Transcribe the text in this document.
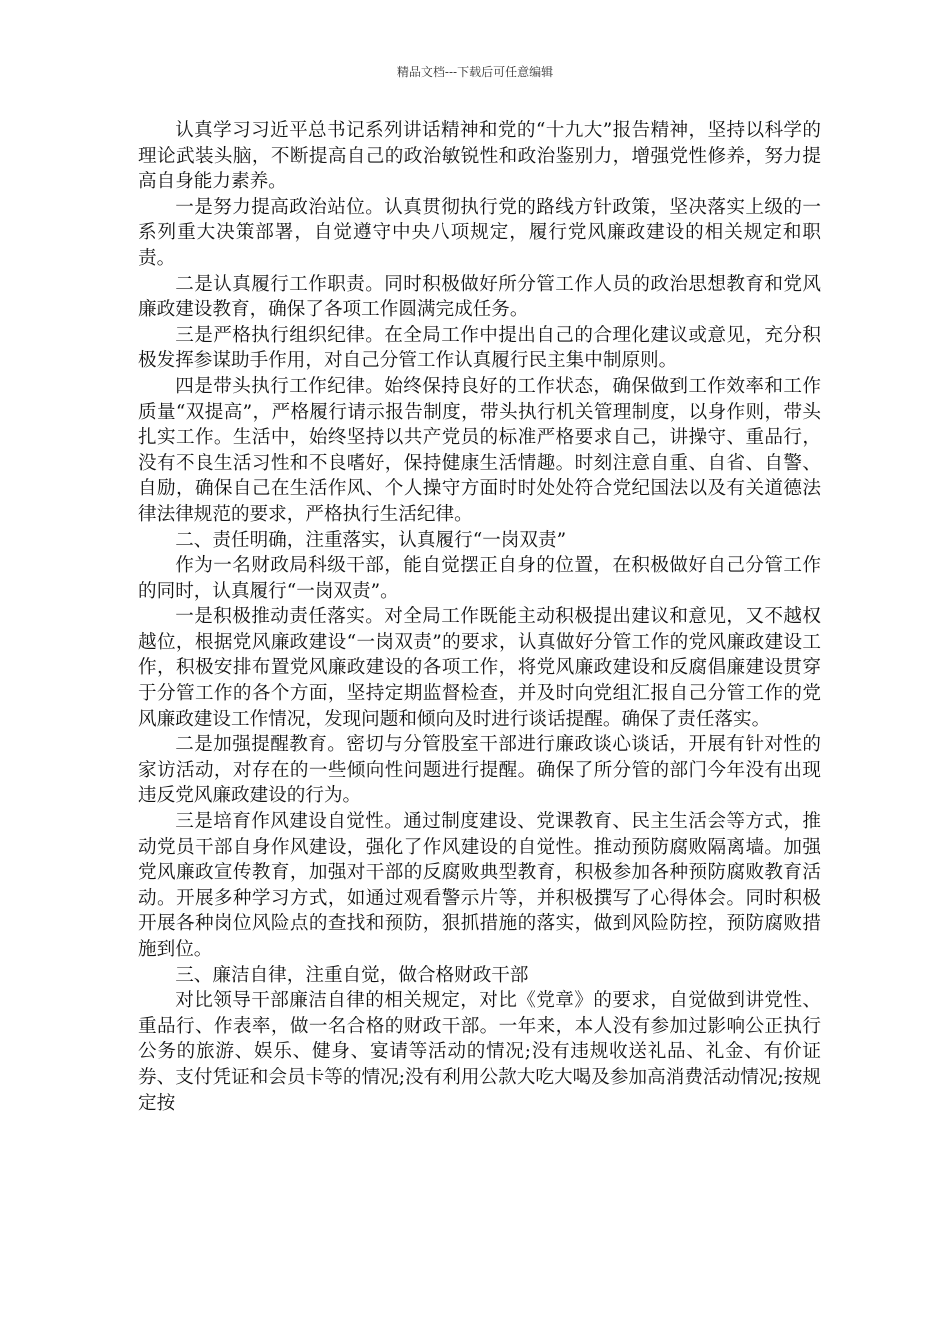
精品文档---下载后可任意编辑

认真学习习近平总书记系列讲话精神和党的“十九大”报告精神，坚持以科学的理论武装头脑，不断提高自己的政治敏锐性和政治鉴别力，增强党性修养，努力提高自身能力素养。

一是努力提高政治站位。认真贯彻执行党的路线方针政策，坚决落实上级的一系列重大决策部署，自觉遵守中央八项规定，履行党风廉政建设的相关规定和职责。

二是认真履行工作职责。同时积极做好所分管工作人员的政治思想教育和党风廉政建设教育，确保了各项工作圆满完成任务。

三是严格执行组织纪律。在全局工作中提出自己的合理化建议或意见，充分积极发挥参谋助手作用，对自己分管工作认真履行民主集中制原则。

四是带头执行工作纪律。始终保持良好的工作状态，确保做到工作效率和工作质量“双提高”，严格履行请示报告制度，带头执行机关管理制度，以身作则，带头扎实工作。生活中，始终坚持以共产党员的标准严格要求自己，讲操守、重品行，没有不良生活习性和不良嗜好，保持健康生活情趣。时刻注意自重、自省、自警、自励，确保自己在生活作风、个人操守方面时时处处符合党纪国法以及有关道德法律法律规范的要求，严格执行生活纪律。

二、责任明确，注重落实，认真履行“一岗双责”

作为一名财政局科级干部，能自觉摆正自身的位置，在积极做好自己分管工作的同时，认真履行“一岗双责”。

一是积极推动责任落实。对全局工作既能主动积极提出建议和意见，又不越权越位，根据党风廉政建设“一岗双责”的要求，认真做好分管工作的党风廉政建设工作，积极安排布置党风廉政建设的各项工作，将党风廉政建设和反腐倡廉建设贯穿于分管工作的各个方面，坚持定期监督检查，并及时向党组汇报自己分管工作的党风廉政建设工作情况，发现问题和倾向及时进行谈话提醒。确保了责任落实。

二是加强提醒教育。密切与分管股室干部进行廉政谈心谈话，开展有针对性的家访活动，对存在的一些倾向性问题进行提醒。确保了所分管的部门今年没有出现违反党风廉政建设的行为。

三是培育作风建设自觉性。通过制度建设、党课教育、民主生活会等方式，推动党员干部自身作风建设，强化了作风建设的自觉性。推动预防腐败隔离墙。加强党风廉政宣传教育，加强对干部的反腐败典型教育，积极参加各种预防腐败教育活动。开展多种学习方式，如通过观看警示片等，并积极撰写了心得体会。同时积极开展各种岗位风险点的查找和预防，狠抓措施的落实，做到风险防控，预防腐败措施到位。

三、廉洁自律，注重自觉，做合格财政干部

对比领导干部廉洁自律的相关规定，对比《党章》的要求，自觉做到讲党性、重品行、作表率，做一名合格的财政干部。一年来，本人没有参加过影响公正执行公务的旅游、娱乐、健身、宴请等活动的情况;没有违规收送礼品、礼金、有价证券、支付凭证和会员卡等的情况;没有利用公款大吃大喝及参加高消费活动情况;按规定按
